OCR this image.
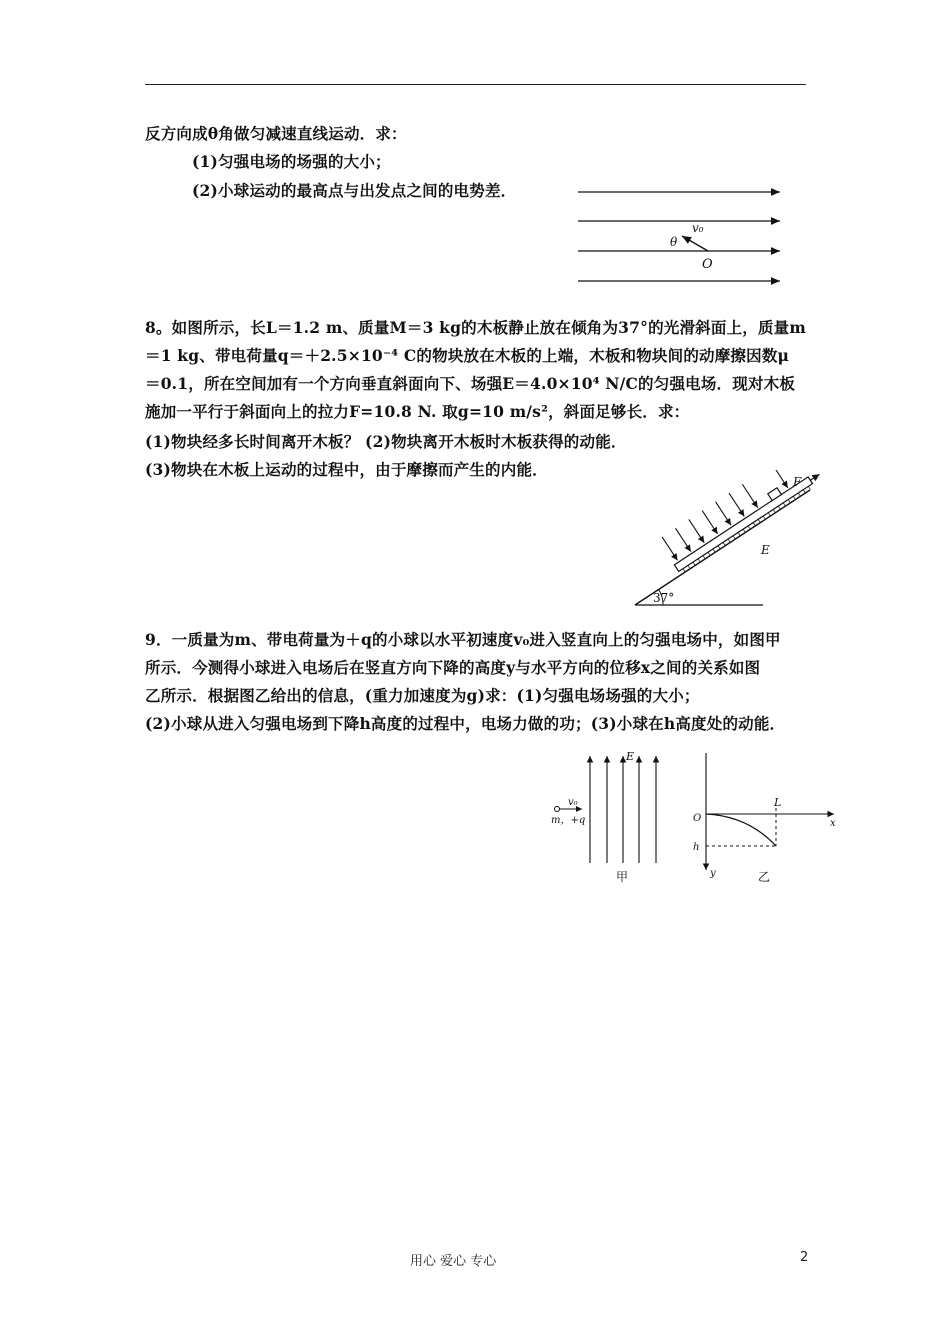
反方向成θ角做匀减速直线运动．求：
(1)匀强电场的场强的大小；
(2)小球运动的最高点与出发点之间的电势差．
v₀
θ
O
8。如图所示，长L＝1.2 m、质量M＝3 kg的木板静止放在倾角为37°的光滑斜面上，质量m
＝1 kg、带电荷量q＝＋2.5×10⁻⁴ C的物块放在木板的上端，木板和物块间的动摩擦因数μ
＝0.1，所在空间加有一个方向垂直斜面向下、场强E＝4.0×10⁴ N/C的匀强电场．现对木板
施加一平行于斜面向上的拉力F=10.8 N. 取g=10 m/s²，斜面足够长．求：
(1)物块经多长时间离开木板？ (2)物块离开木板时木板获得的动能．
(3)物块在木板上运动的过程中，由于摩擦而产生的内能．
37°
F
E
9．一质量为m、带电荷量为＋q的小球以水平初速度v₀进入竖直向上的匀强电场中，如图甲
所示．今测得小球进入电场后在竖直方向下降的高度y与水平方向的位移x之间的关系如图
乙所示．根据图乙给出的信息，(重力加速度为g)求：(1)匀强电场场强的大小；
(2)小球从进入匀强电场到下降h高度的过程中，电场力做的功；(3)小球在h高度处的动能．
v₀
m，+q
E
甲
L
O	x
h
y	乙
用心 爱心 专心	2
